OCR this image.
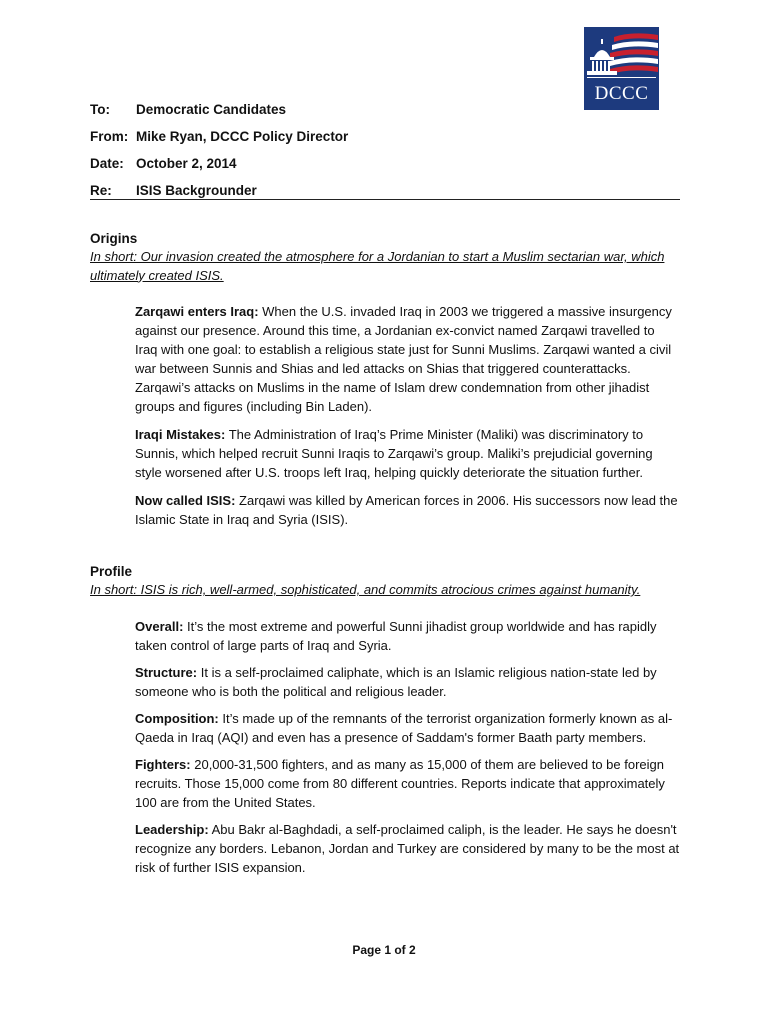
DCCC
To:	Democratic Candidates
From: Mike Ryan, DCCC Policy Director
Date: October 2, 2014
Re:	ISIS Backgrounder
Origins
In short: Our invasion created the atmosphere for a Jordanian to start a Muslim sectarian war, which ultimately created ISIS.

Zarqawi enters Iraq: When the U.S. invaded Iraq in 2003 we triggered a massive insurgency against our presence. Around this time, a Jordanian ex-convict named Zarqawi travelled to Iraq with one goal: to establish a religious state just for Sunni Muslims. Zarqawi wanted a civil war between Sunnis and Shias and led attacks on Shias that triggered counterattacks. Zarqawi’s attacks on Muslims in the name of Islam drew condemnation from other jihadist groups and figures (including Bin Laden).

Iraqi Mistakes: The Administration of Iraq’s Prime Minister (Maliki) was discriminatory to Sunnis, which helped recruit Sunni Iraqis to Zarqawi’s group. Maliki’s prejudicial governing style worsened after U.S. troops left Iraq, helping quickly deteriorate the situation further.

Now called ISIS: Zarqawi was killed by American forces in 2006. His successors now lead the Islamic State in Iraq and Syria (ISIS).

Profile
In short: ISIS is rich, well-armed, sophisticated, and commits atrocious crimes against humanity.

Overall: It’s the most extreme and powerful Sunni jihadist group worldwide and has rapidly taken control of large parts of Iraq and Syria.

Structure: It is a self-proclaimed caliphate, which is an Islamic religious nation-state led by someone who is both the political and religious leader.

Composition: It’s made up of the remnants of the terrorist organization formerly known as al-Qaeda in Iraq (AQI) and even has a presence of Saddam's former Baath party members.

Fighters: 20,000-31,500 fighters, and as many as 15,000 of them are believed to be foreign recruits. Those 15,000 come from 80 different countries. Reports indicate that approximately 100 are from the United States.

Leadership: Abu Bakr al-Baghdadi, a self-proclaimed caliph, is the leader. He says he doesn't recognize any borders. Lebanon, Jordan and Turkey are considered by many to be the most at risk of further ISIS expansion.

Page 1 of 2
